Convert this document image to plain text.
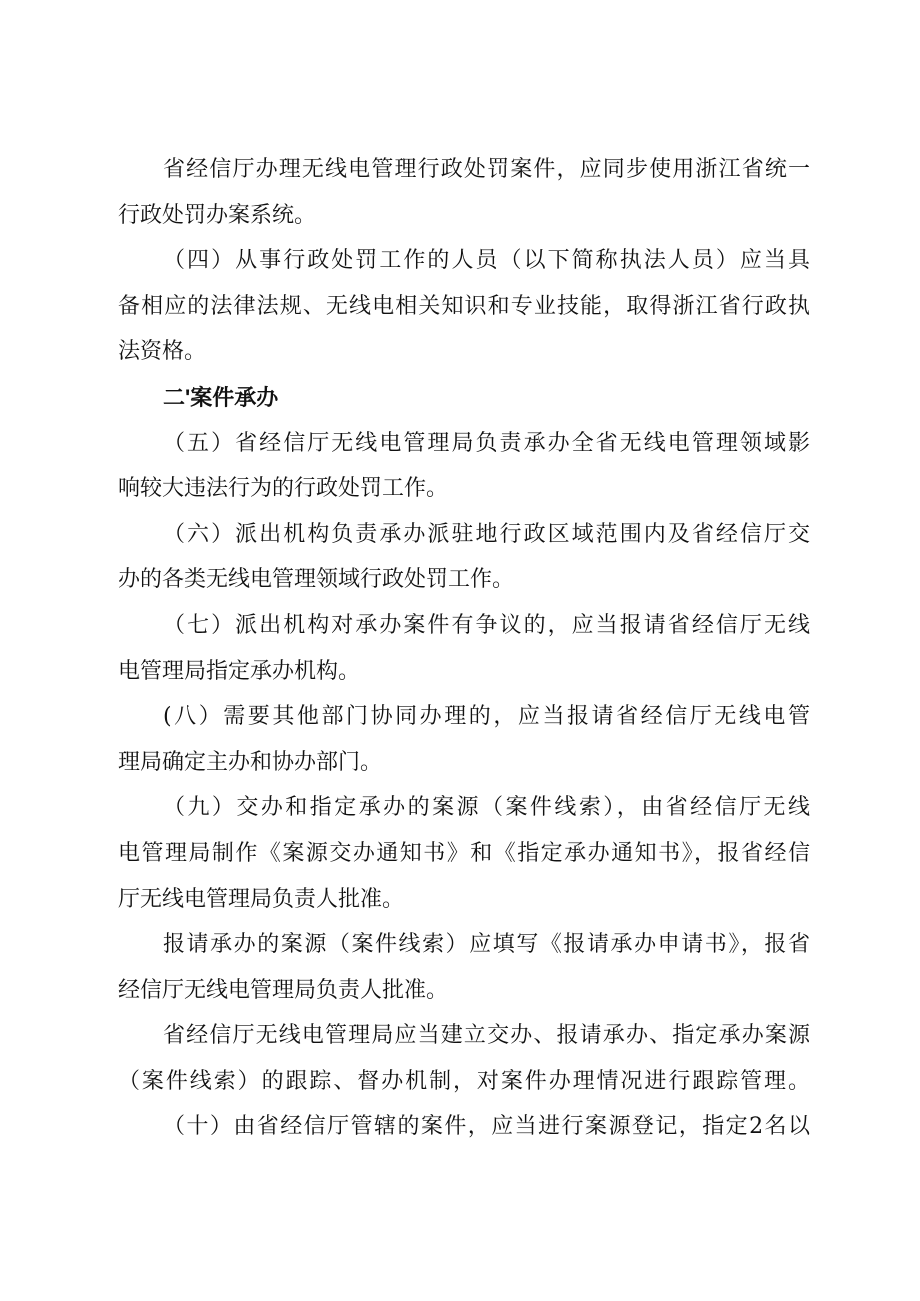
省经信厅办理无线电管理行政处罚案件，应同步使用浙江省统一
行政处罚办案系统。
（四）从事行政处罚工作的人员（以下简称执法人员）应当具
备相应的法律法规、无线电相关知识和专业技能，取得浙江省行政执
法资格。
二'案件承办
（五）省经信厅无线电管理局负责承办全省无线电管理领域影
响较大违法行为的行政处罚工作。
（六）派出机构负责承办派驻地行政区域范围内及省经信厅交
办的各类无线电管理领域行政处罚工作。
（七）派出机构对承办案件有争议的，应当报请省经信厅无线
电管理局指定承办机构。
(八）需要其他部门协同办理的，应当报请省经信厅无线电管
理局确定主办和协办部门。
（九）交办和指定承办的案源（案件线索），由省经信厅无线
电管理局制作《案源交办通知书》和《指定承办通知书》，报省经信
厅无线电管理局负责人批准。
报请承办的案源（案件线索）应填写《报请承办申请书》，报省
经信厅无线电管理局负责人批准。
省经信厅无线电管理局应当建立交办、报请承办、指定承办案源
（案件线索）的跟踪、督办机制，对案件办理情况进行跟踪管理。
（十）由省经信厅管辖的案件，应当进行案源登记，指定2名以
